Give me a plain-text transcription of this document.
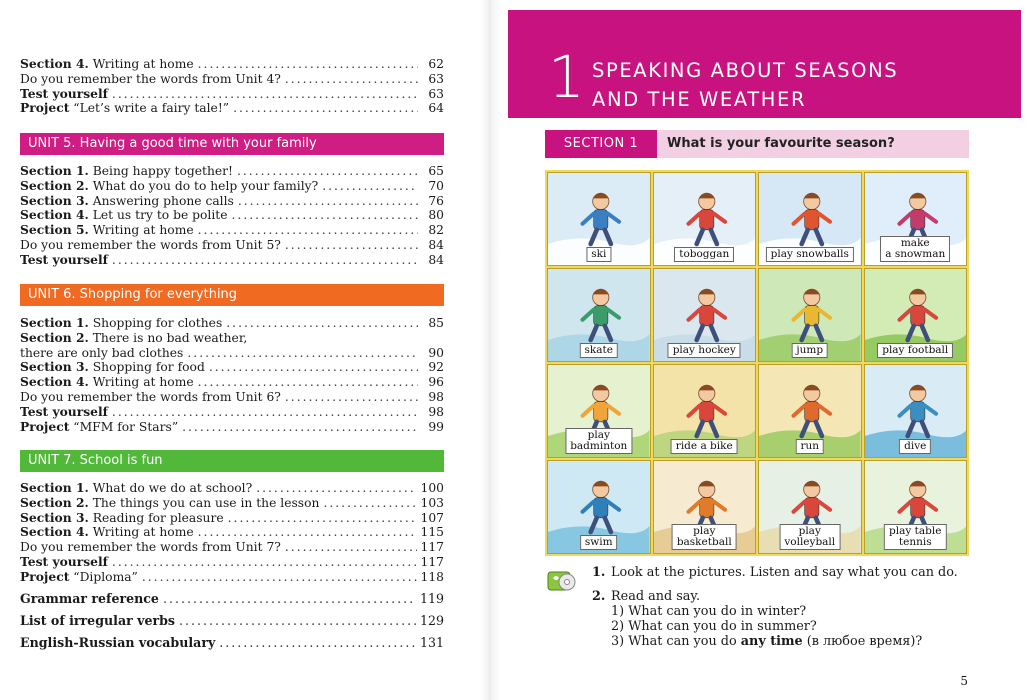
Section 4. Writing at home .....	62
Do you remember the words from Unit 4? .....	63
Test yourself .....	63
Project “Let’s write a fairy tale!” .....	64
UNIT 5. Having a good time with your family
Section 1. Being happy together! .....	65
Section 2. What do you do to help your family? .....	70
Section 3. Answering phone calls .....	76
Section 4. Let us try to be polite .....	80
Section 5. Writing at home .....	82
Do you remember the words from Unit 5? .....	84
Test yourself .....	84
UNIT 6. Shopping for everything
Section 1. Shopping for clothes .....	85
Section 2. There is no bad weather,
there are only bad clothes .....	90
Section 3. Shopping for food .....	92
Section 4. Writing at home .....	96
Do you remember the words from Unit 6? .....	98
Test yourself .....	98
Project “MFM for Stars” .....	99
UNIT 7. School is fun
Section 1. What do we do at school? .....	100
Section 2. The things you can use in the lesson .....	103
Section 3. Reading for pleasure .....	107
Section 4. Writing at home .....	115
Do you remember the words from Unit 7? .....	117
Test yourself .....	117
Project “Diploma” .....	118
Grammar reference .....	119
List of irregular verbs .....	129
English-Russian vocabulary .....	131
1 SPEAKING ABOUT SEASONS
AND THE WEATHER
SECTION 1	What is your favourite season?
ski	toboggan	play snowballs
make
a snowman
skate	play hockey	jump	play football
play
badminton	ride a bike	run	dive
swim
play
basketball
play
volleyball
play table
tennis
1. Look at the pictures. Listen and say what you can do.
2. Read and say.
1) What can you do in winter?
2) What can you do in summer?
3) What can you do any time (в любое время)?
5
